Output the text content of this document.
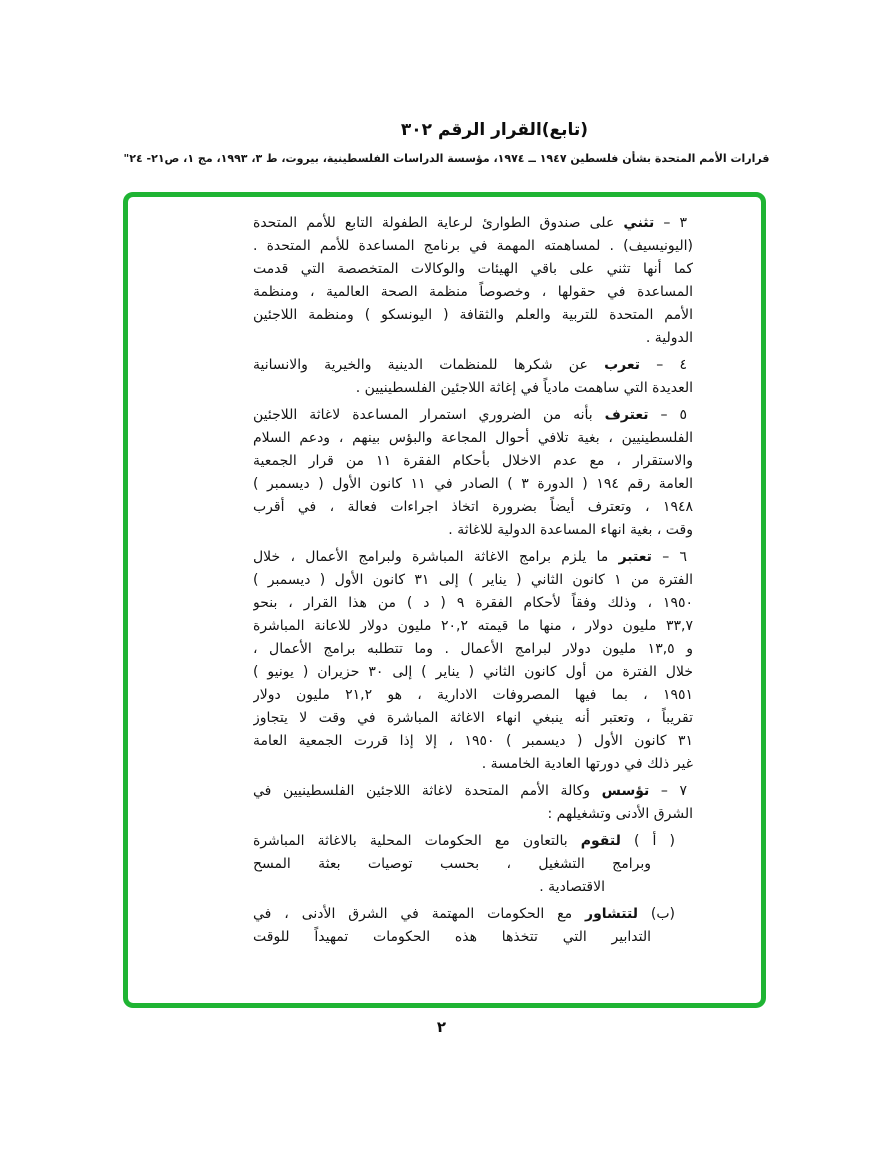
(تابع)القرار الرقم ٣٠٢
قرارات الأمم المتحدة بشأن فلسطين ١٩٤٧ ــ ١٩٧٤، مؤسسة الدراسات الفلسطينية، بيروت، ط ٣، ١٩٩٣، مج ١، ص٢١- ٢٤"
٣ – تثني على صندوق الطوارئ لرعاية الطفولة التابع للأمم المتحدة
(اليونيسيف) . لمساهمته المهمة في برنامج المساعدة للأمم المتحدة .
كما أنها تثني على باقي الهيئات والوكالات المتخصصة التي قدمت
المساعدة في حقولها ، وخصوصاً منظمة الصحة العالمية ، ومنظمة
الأمم المتحدة للتربية والعلم والثقافة ( اليونسكو ) ومنظمة اللاجئين
الدولية .
٤ – تعرب عن شكرها للمنظمات الدينية والخيرية والانسانية
العديدة التي ساهمت مادياً في إغاثة اللاجئين الفلسطينيين .
٥ – تعترف بأنه من الضروري استمرار المساعدة لاغاثة اللاجئين
الفلسطينيين ، بغية تلافي أحوال المجاعة والبؤس بينهم ، ودعم السلام
والاستقرار ، مع عدم الاخلال بأحكام الفقرة ١١ من قرار الجمعية
العامة رقم ١٩٤ ( الدورة ٣ ) الصادر في ١١ كانون الأول ( ديسمبر )
١٩٤٨ ، وتعترف أيضاً بضرورة اتخاذ اجراءات فعالة ، في أقرب
وقت ، بغية انهاء المساعدة الدولية للاغاثة .
٦ – تعتبر ما يلزم برامج الاغاثة المباشرة ولبرامج الأعمال ، خلال
الفترة من ١ كانون الثاني ( يناير ) إلى ٣١ كانون الأول ( ديسمبر )
١٩٥٠ ، وذلك وفقاً لأحكام الفقرة ٩ ( د ) من هذا القرار ، بنحو
٣٣,٧ مليون دولار ، منها ما قيمته ٢٠,٢ مليون دولار للاعانة المباشرة
و ١٣,٥ مليون دولار لبرامج الأعمال . وما تتطلبه برامج الأعمال ،
خلال الفترة من أول كانون الثاني ( يناير ) إلى ٣٠ حزيران ( يونيو )
١٩٥١ ، بما فيها المصروفات الادارية ، هو ٢١,٢ مليون دولار
تقريباً ، وتعتبر أنه ينبغي انهاء الاغاثة المباشرة في وقت لا يتجاوز
٣١ كانون الأول ( ديسمبر ) ١٩٥٠ ، إلا إذا قررت الجمعية العامة
غير ذلك في دورتها العادية الخامسة .
٧ – تؤسس وكالة الأمم المتحدة لاغاثة اللاجئين الفلسطينيين في
الشرق الأدنى وتشغيلهم :
( أ ) لتقوم بالتعاون مع الحكومات المحلية بالاغاثة المباشرة
وبرامج التشغيل ، بحسب توصيات بعثة المسح
الاقتصادية .
(ب) لتتشاور مع الحكومات المهتمة في الشرق الأدنى ، في
التدابير التي تتخذها هذه الحكومات تمهيداً للوقت
٢
